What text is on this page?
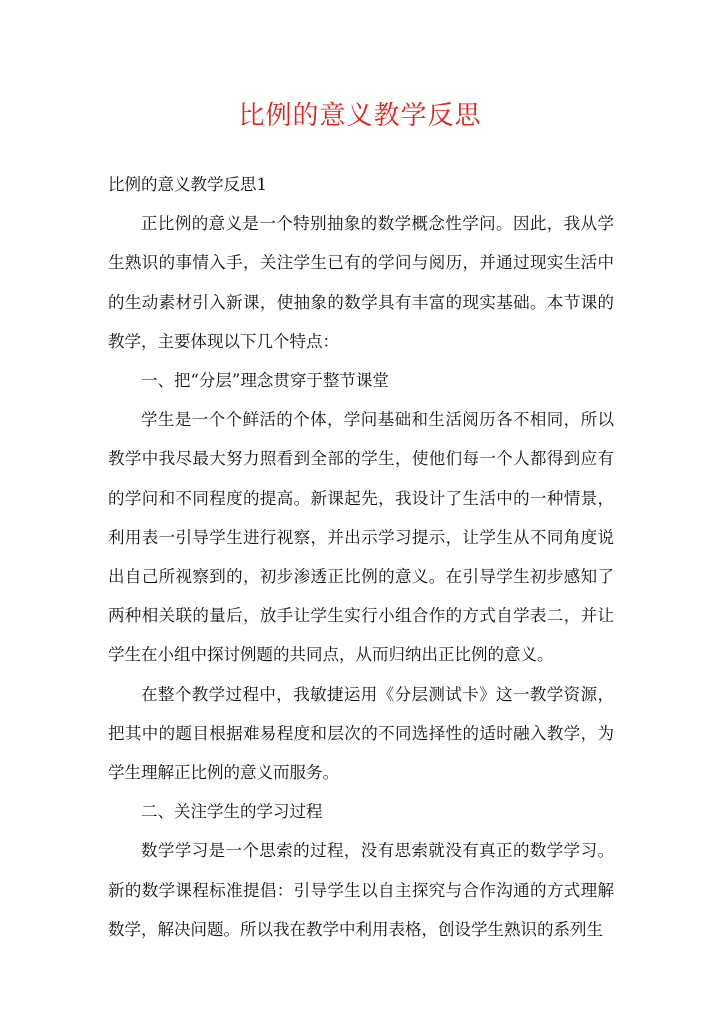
比例的意义教学反思

比例的意义教学反思1

正比例的意义是一个特别抽象的数学概念性学问。因此，我从学生熟识的事情入手，关注学生已有的学问与阅历，并通过现实生活中的生动素材引入新课，使抽象的数学具有丰富的现实基础。本节课的教学，主要体现以下几个特点：

一、把“分层”理念贯穿于整节课堂

学生是一个个鲜活的个体，学问基础和生活阅历各不相同，所以教学中我尽最大努力照看到全部的学生，使他们每一个人都得到应有的学问和不同程度的提高。新课起先，我设计了生活中的一种情景，利用表一引导学生进行视察，并出示学习提示，让学生从不同角度说出自己所视察到的，初步渗透正比例的意义。在引导学生初步感知了两种相关联的量后，放手让学生实行小组合作的方式自学表二，并让学生在小组中探讨例题的共同点，从而归纳出正比例的意义。

在整个教学过程中，我敏捷运用《分层测试卡》这一教学资源，把其中的题目根据难易程度和层次的不同选择性的适时融入教学，为学生理解正比例的意义而服务。

二、关注学生的学习过程

数学学习是一个思索的过程，没有思索就没有真正的数学学习。新的数学课程标准提倡：引导学生以自主探究与合作沟通的方式理解数学，解决问题。所以我在教学中利用表格，创设学生熟识的系列生
